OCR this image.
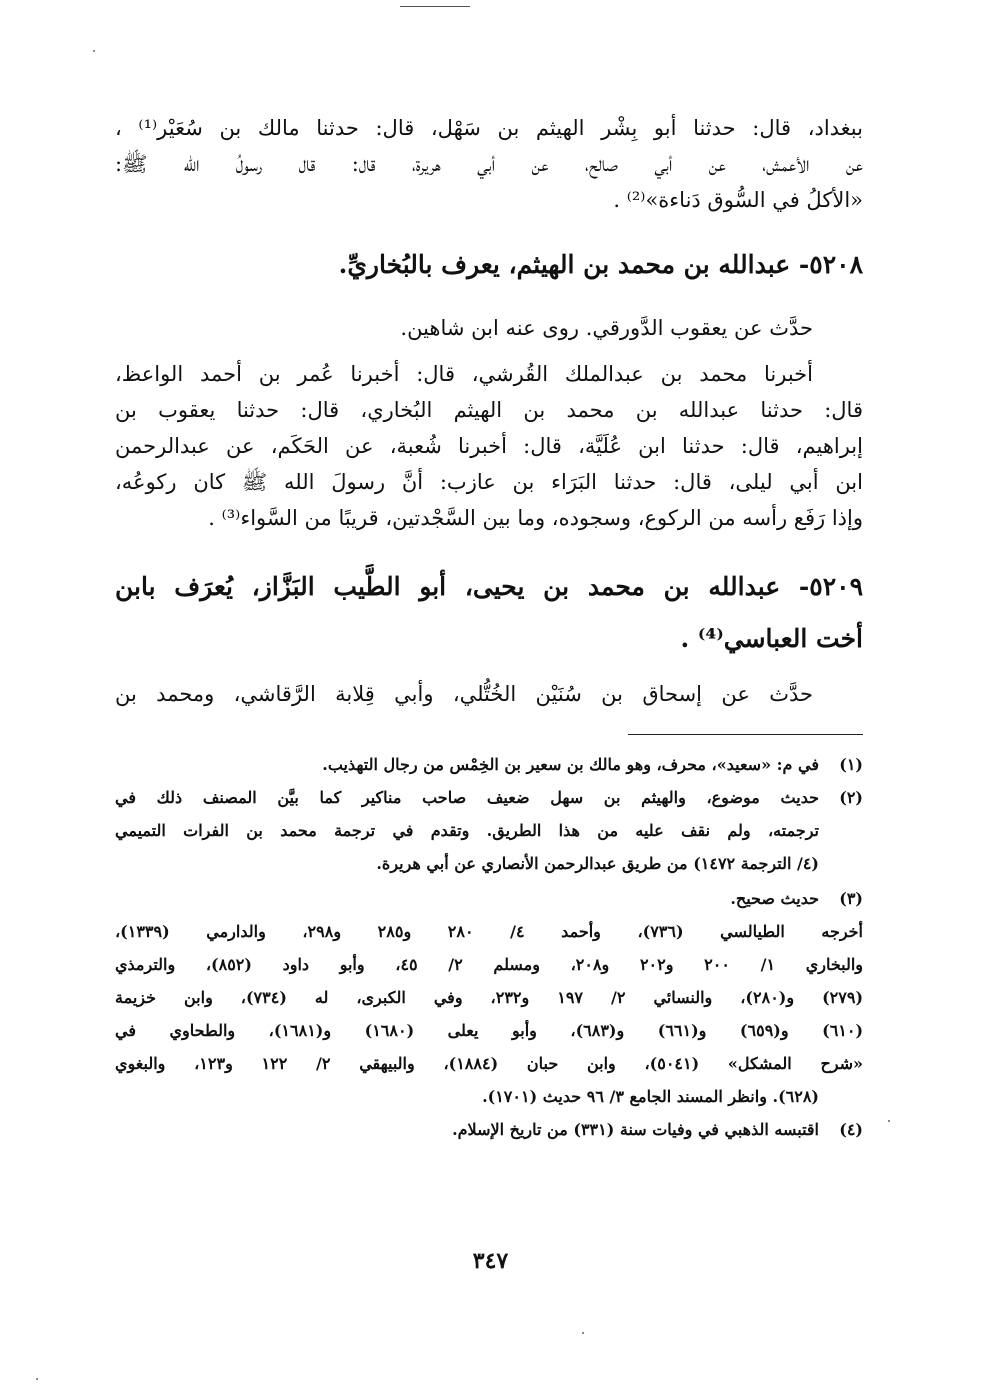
ببغداد، قال: حدثنا أبو بِشْر الهيثم بن سَهْل، قال: حدثنا مالك بن سُعَيْر⁽¹⁾ ،

عن الأعمش، عن أبي صالح، عن أبي هريرة، قال: قال رسولُ الله ﷺ:

«الأكلُ في السُّوق دَناءة»⁽²⁾ .

٥٢٠٨- عبدالله بن محمد بن الهيثم، يعرف بالبُخاريِّ.

حدَّث عن يعقوب الدَّورقي. روى عنه ابن شاهين.

أخبرنا محمد بن عبدالملك القُرشي، قال: أخبرنا عُمر بن أحمد الواعظ،

قال: حدثنا عبدالله بن محمد بن الهيثم البُخاري، قال: حدثنا يعقوب بن

إبراهيم، قال: حدثنا ابن عُلَيَّة، قال: أخبرنا شُعبة، عن الحَكَم، عن عبدالرحمن

ابن أبي ليلى، قال: حدثنا البَرَاء بن عازب: أنَّ رسولَ الله ﷺ كان ركوعُه،

وإذا رَفَع رأسه من الركوع، وسجوده، وما بين السَّجْدتين، قريبًا من السَّواء⁽³⁾ .

٥٢٠٩- عبدالله بن محمد بن يحيى، أبو الطَّيب البَزَّاز، يُعرَف بابن
أخت العباسي⁽⁴⁾ .

حدَّث عن إسحاق بن سُنَيْن الخُتُّلي، وأبي قِلابة الرَّقاشي، ومحمد بن

(١)
في م: «سعيد»، محرف، وهو مالك بن سعير بن الخِمْس من رجال التهذيب.
(٢)
حديث موضوع، والهيثم بن سهل ضعيف صاحب مناكير كما بيَّن المصنف ذلك في
ترجمته، ولم نقف عليه من هذا الطريق. وتقدم في ترجمة محمد بن الفرات التميمي
(٤/ الترجمة ١٤٧٢) من طريق عبدالرحمن الأنصاري عن أبي هريرة.
(٣)
حديث صحيح.
أخرجه الطيالسي (٧٣٦)، وأحمد ٤/ ٢٨٠ و٢٨٥ و٢٩٨، والدارمي (١٣٣٩)،
والبخاري ١/ ٢٠٠ و٢٠٢ و٢٠٨، ومسلم ٢/ ٤٥، وأبو داود (٨٥٢)، والترمذي
(٢٧٩) و(٢٨٠)، والنسائي ٢/ ١٩٧ و٢٣٢، وفي الكبرى، له (٧٣٤)، وابن خزيمة
(٦١٠) و(٦٥٩) و(٦٦١) و(٦٨٣)، وأبو يعلى (١٦٨٠) و(١٦٨١)، والطحاوي في
«شرح المشكل» (٥٠٤١)، وابن حبان (١٨٨٤)، والبيهقي ٢/ ١٢٢ و١٢٣، والبغوي
(٦٢٨). وانظر المسند الجامع ٣/ ٩٦ حديث (١٧٠١).
(٤)
اقتبسه الذهبي في وفيات سنة (٣٣١) من تاريخ الإسلام.
٣٤٧
